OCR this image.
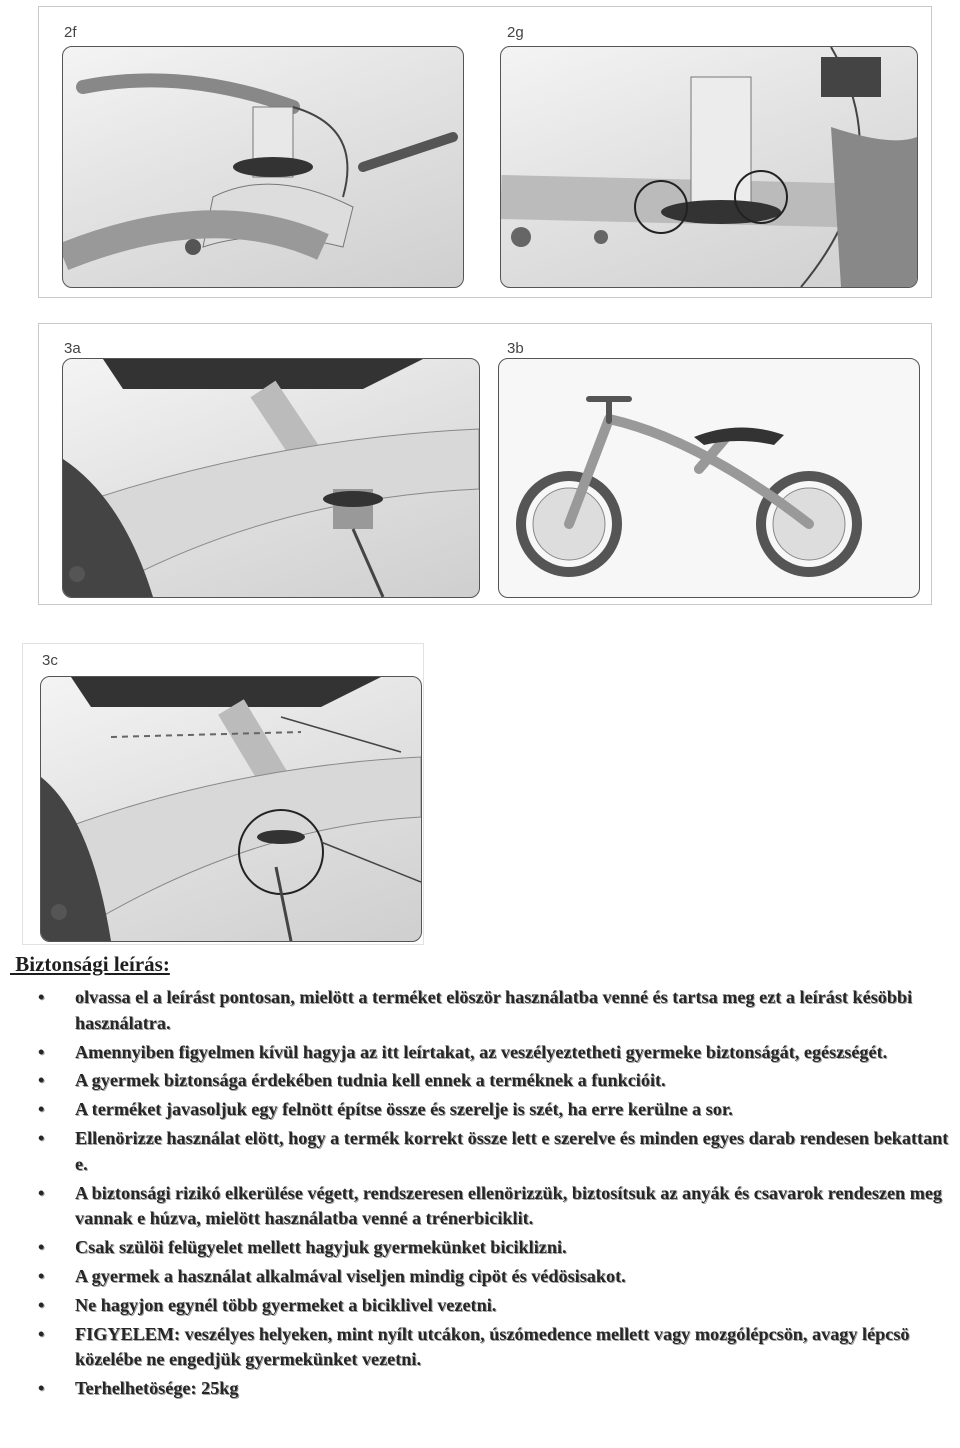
2f	2g
3a	3b
3c
Biztonsági leírás:
• olvassa el a leírást pontosan, mielött a terméket elöször használatba venné és tartsa meg ezt a leírást késöbbi használatra.
• Amennyiben figyelmen kívül hagyja az itt leírtakat, az veszélyeztetheti gyermeke biztonságát, egészségét.
• A gyermek biztonsága érdekében tudnia kell ennek a terméknek a funkcióit.
• A terméket javasoljuk egy felnött építse össze és szerelje is szét, ha erre kerülne a sor.
• Ellenörizze használat elött, hogy a termék korrekt össze lett e szerelve és minden egyes darab rendesen bekattant e.
• A biztonsági rizikó elkerülése végett, rendszeresen ellenörizzük, biztosítsuk az anyák és csavarok rendeszen meg vannak e húzva, mielött használatba venné a trénerbiciklit.
• Csak szülöi felügyelet mellett hagyjuk gyermekünket biciklizni.
• A gyermek a használat alkalmával viseljen mindig cipöt és védösisakot.
• Ne hagyjon egynél több gyermeket a biciklivel vezetni.
• FIGYELEM: veszélyes helyeken, mint nyílt utcákon, úszómedence mellett vagy mozgólépcsön, avagy lépcsö közelébe ne engedjük gyermekünket vezetni.
• Terhelhetösége: 25kg
